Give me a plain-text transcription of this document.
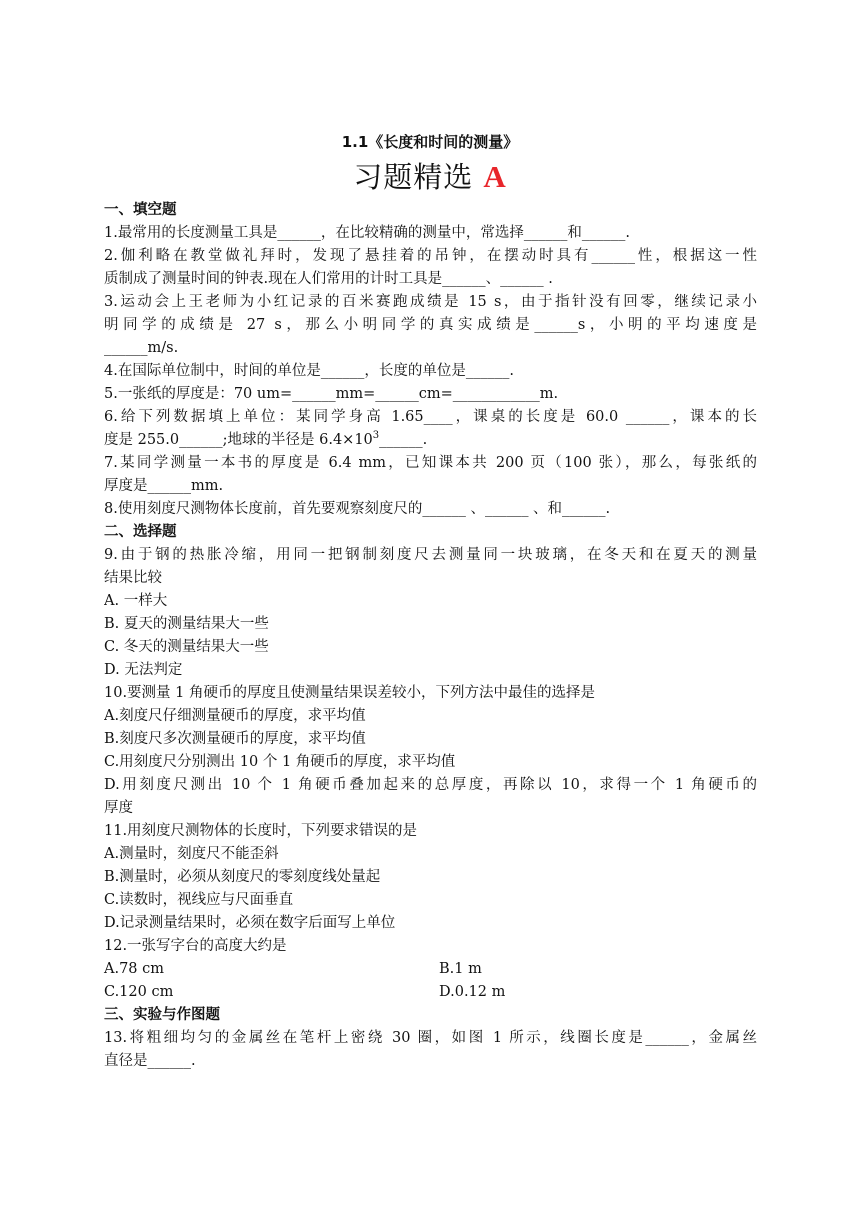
1.1《长度和时间的测量》
习题精选 A
一、填空题
1.最常用的长度测量工具是______，在比较精确的测量中，常选择______和______.
2.伽利略在教堂做礼拜时，发现了悬挂着的吊钟，在摆动时具有______性，根据这一性
质制成了测量时间的钟表.现在人们常用的计时工具是______、______ .
3.运动会上王老师为小红记录的百米赛跑成绩是 15 s，由于指针没有回零，继续记录小
明同学的成绩是 27 s，那么小明同学的真实成绩是______s，小明的平均速度是
______m/s.
4.在国际单位制中，时间的单位是______，长度的单位是______.
5.一张纸的厚度是：70 um=______mm=______cm=____________m.
6.给下列数据填上单位：某同学身高 1.65____，课桌的长度是 60.0 ______，课本的长
度是 255.0______;地球的半径是 $6.4\times 10^3\_\_\_\_\_\_$.
7.某同学测量一本书的厚度是 6.4 mm，已知课本共 200 页（100 张），那么，每张纸的
厚度是______mm.
8.使用刻度尺测物体长度前，首先要观察刻度尺的______ 、______ 、和______.
二、选择题
9.由于钢的热胀冷缩，用同一把钢制刻度尺去测量同一块玻璃，在冬天和在夏天的测量
结果比较
A. 一样大
B. 夏天的测量结果大一些
C. 冬天的测量结果大一些
D. 无法判定
10.要测量 1 角硬币的厚度且使测量结果误差较小，下列方法中最佳的选择是
A.刻度尺仔细测量硬币的厚度，求平均值
B.刻度尺多次测量硬币的厚度，求平均值
C.用刻度尺分别测出 10 个 1 角硬币的厚度，求平均值
D.用刻度尺测出 10 个 1 角硬币叠加起来的总厚度，再除以 10，求得一个 1 角硬币的
厚度
11.用刻度尺测物体的长度时，下列要求错误的是
A.测量时，刻度尺不能歪斜
B.测量时，必须从刻度尺的零刻度线处量起
C.读数时，视线应与尺面垂直
D.记录测量结果时，必须在数字后面写上单位
12.一张写字台的高度大约是
A.78 cm	B.1 m
C.120 cm	D.0.12 m
三、实验与作图题
13.将粗细均匀的金属丝在笔杆上密绕 30 圈，如图 1 所示，线圈长度是______，金属丝
直径是______.
